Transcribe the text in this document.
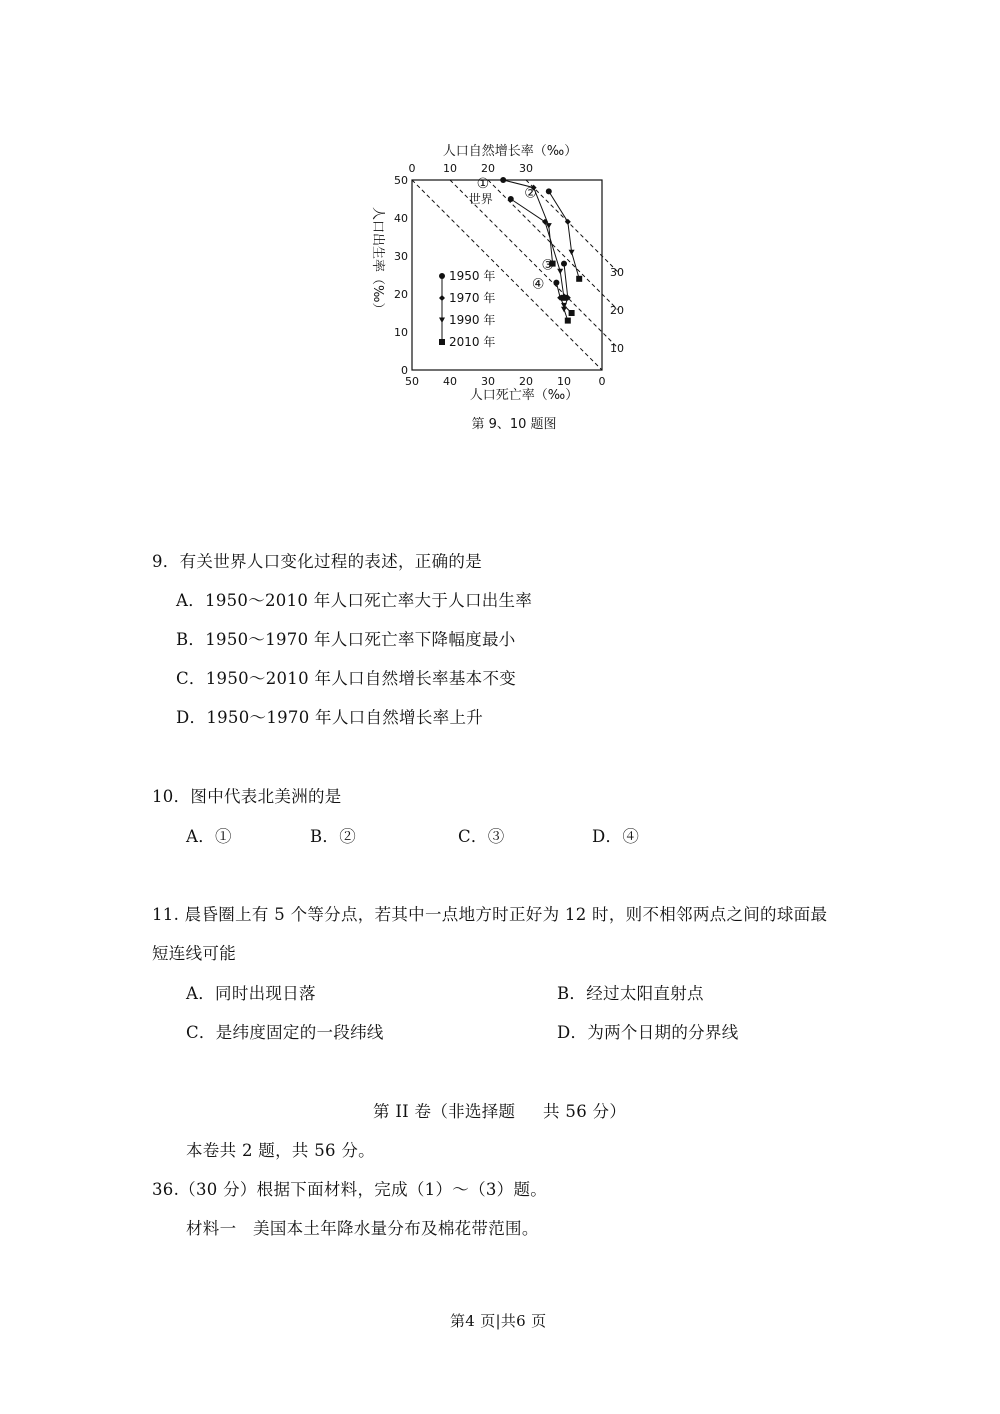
0	10 20 30
50
40
30
20
10
0
50 40 30 20 10	0
30
20
10
①
②
③
④
世界
1950 年
1970 年
1990 年
2010 年
人口自然增长率（‰）
人口死亡率（‰）
第 9、10 题图
人口出生率（‰）
9．有关世界人口变化过程的表述，正确的是
A．1950～2010 年人口死亡率大于人口出生率
B．1950～1970 年人口死亡率下降幅度最小
C．1950～2010 年人口自然增长率基本不变
D．1950～1970 年人口自然增长率上升
10．图中代表北美洲的是
A．①	B．②	C．③	D．④
11. 晨昏圈上有 5 个等分点，若其中一点地方时正好为 12 时，则不相邻两点之间的球面最
短连线可能
A．同时出现日落	B．经过太阳直射点
C．是纬度固定的一段纬线	D．为两个日期的分界线
第 II 卷（非选择题     共 56 分）
本卷共 2 题，共 56 分。
36.（30 分）根据下面材料，完成（1）～（3）题。
材料一   美国本土年降水量分布及棉花带范围。
第4 页|共6 页
